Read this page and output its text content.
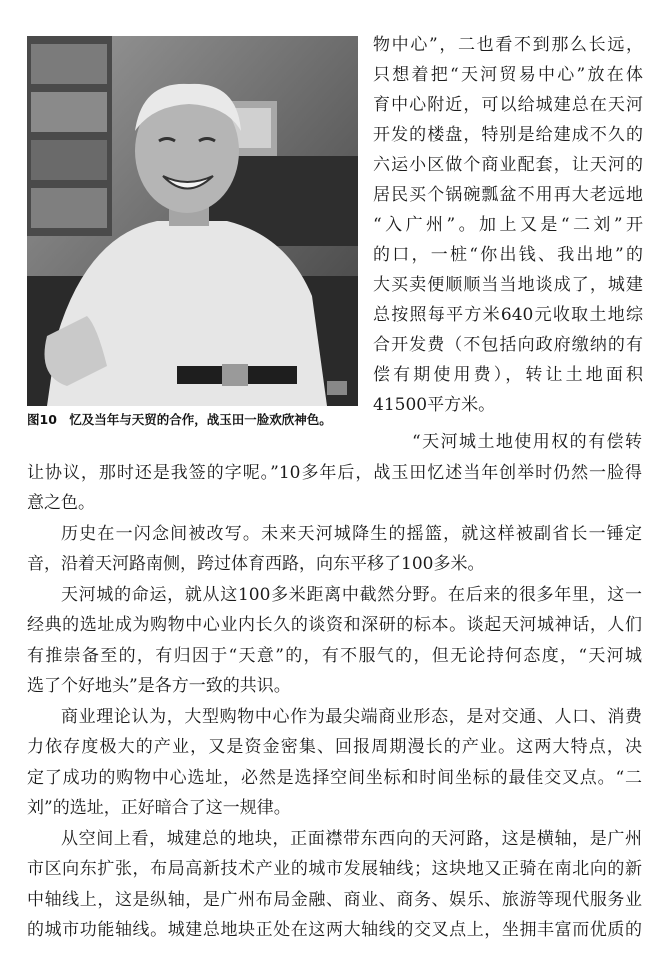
图10 忆及当年与天贸的合作，战玉田一脸欢欣神色。
物中心”，二也看不到那么长远，
只想着把“天河贸易中心”放在体
育中心附近，可以给城建总在天河
开发的楼盘，特别是给建成不久的
六运小区做个商业配套，让天河的
居民买个锅碗瓢盆不用再大老远地
“入广州”。加上又是“二刘”开
的口，一桩“你出钱、我出地”的
大买卖便顺顺当当地谈成了，城建
总按照每平方米640元收取土地综
合开发费（不包括向政府缴纳的有
偿有期使用费），转让土地面积
41500平方米。
“天河城土地使用权的有偿转
让协议，那时还是我签的字呢。”10多年后，战玉田忆述当年创举时仍然一脸得
意之色。
历史在一闪念间被改写。未来天河城降生的摇篮，就这样被副省长一锤定
音，沿着天河路南侧，跨过体育西路，向东平移了100多米。
天河城的命运，就从这100多米距离中截然分野。在后来的很多年里，这一
经典的选址成为购物中心业内长久的谈资和深研的标本。谈起天河城神话，人们
有推崇备至的，有归因于“天意”的，有不服气的，但无论持何态度，“天河城
选了个好地头”是各方一致的共识。
商业理论认为，大型购物中心作为最尖端商业形态，是对交通、人口、消费
力依存度极大的产业，又是资金密集、回报周期漫长的产业。这两大特点，决
定了成功的购物中心选址，必然是选择空间坐标和时间坐标的最佳交叉点。“二
刘”的选址，正好暗合了这一规律。
从空间上看，城建总的地块，正面襟带东西向的天河路，这是横轴，是广州
市区向东扩张，布局高新技术产业的城市发展轴线；这块地又正骑在南北向的新
中轴线上，这是纵轴，是广州布局金融、商业、商务、娱乐、旅游等现代服务业
的城市功能轴线。城建总地块正处在这两大轴线的交叉点上，坐拥丰富而优质的
